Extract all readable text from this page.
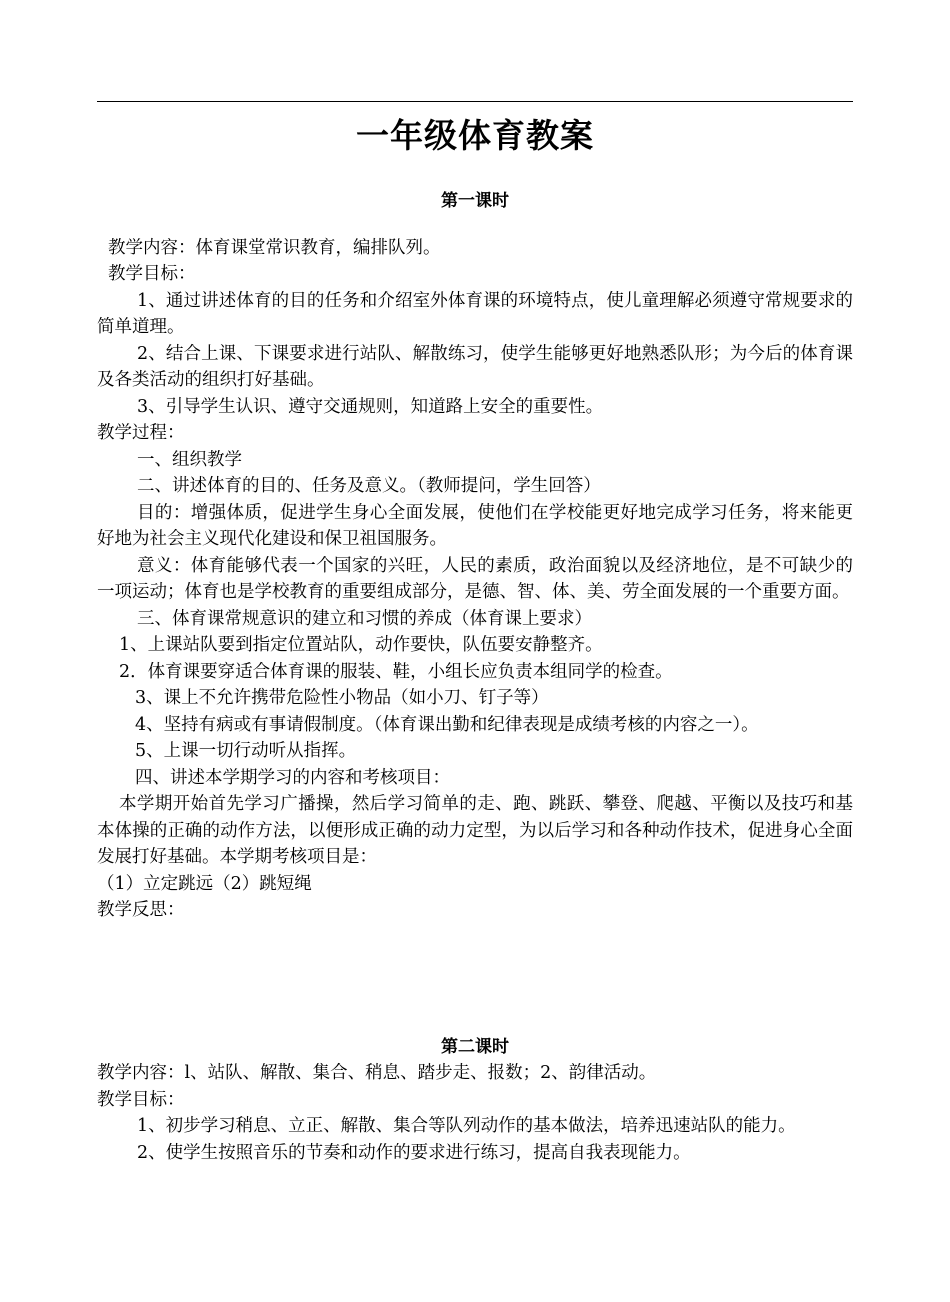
一年级体育教案

第一课时

教学内容：体育课堂常识教育，编排队列。

教学目标：

1、通过讲述体育的目的任务和介绍室外体育课的环境特点，使儿童理解必须遵守常规要求的简单道理。

2、结合上课、下课要求进行站队、解散练习，使学生能够更好地熟悉队形；为今后的体育课及各类活动的组织打好基础。

3、引导学生认识、遵守交通规则，知道路上安全的重要性。

教学过程：

一、组织教学

二、讲述体育的目的、任务及意义。（教师提问，学生回答）

目的：增强体质，促进学生身心全面发展，使他们在学校能更好地完成学习任务，将来能更好地为社会主义现代化建设和保卫祖国服务。

意义：体育能够代表一个国家的兴旺，人民的素质，政治面貌以及经济地位，是不可缺少的一项运动；体育也是学校教育的重要组成部分，是德、智、体、美、劳全面发展的一个重要方面。

三、体育课常规意识的建立和习惯的养成（体育课上要求）

1、上课站队要到指定位置站队，动作要快，队伍要安静整齐。

2．体育课要穿适合体育课的服装、鞋，小组长应负责本组同学的检查。

3、课上不允许携带危险性小物品（如小刀、钉子等）

4、坚持有病或有事请假制度。（体育课出勤和纪律表现是成绩考核的内容之一）。

5、上课一切行动听从指挥。

四、讲述本学期学习的内容和考核项目：

本学期开始首先学习广播操，然后学习简单的走、跑、跳跃、攀登、爬越、平衡以及技巧和基本体操的正确的动作方法，以便形成正确的动力定型，为以后学习和各种动作技术，促进身心全面发展打好基础。本学期考核项目是：

（1）立定跳远（2）跳短绳

教学反思：

第二课时

教学内容：l、站队、解散、集合、稍息、踏步走、报数；2、韵律活动。

教学目标：

1、初步学习稍息、立正、解散、集合等队列动作的基本做法，培养迅速站队的能力。

2、使学生按照音乐的节奏和动作的要求进行练习，提高自我表现能力。
